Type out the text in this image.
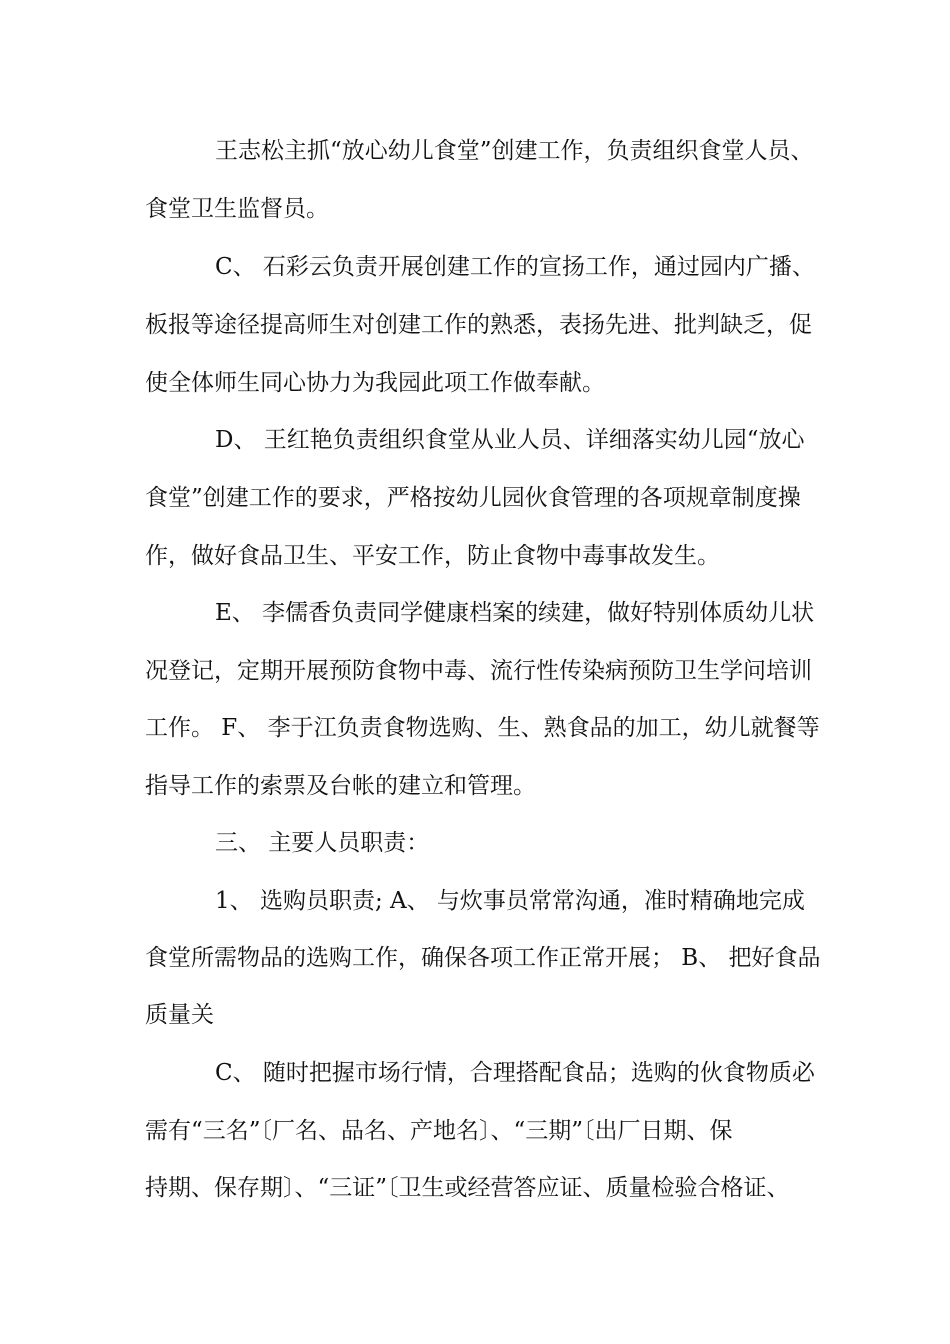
王志松主抓“放心幼儿食堂”创建工作，负责组织食堂人员、
食堂卫生监督员。
C、 石彩云负责开展创建工作的宣扬工作，通过园内广播、
板报等途径提高师生对创建工作的熟悉，表扬先进、批判缺乏，促
使全体师生同心协力为我园此项工作做奉献。
D、 王红艳负责组织食堂从业人员、详细落实幼儿园“放心
食堂”创建工作的要求，严格按幼儿园伙食管理的各项规章制度操
作，做好食品卫生、平安工作，防止食物中毒事故发生。
E、 李儒香负责同学健康档案的续建，做好特别体质幼儿状
况登记，定期开展预防食物中毒、流行性传染病预防卫生学问培训
工作。 F、 李于江负责食物选购、生、熟食品的加工，幼儿就餐等
指导工作的索票及台帐的建立和管理。
三、 主要人员职责：
1、 选购员职责; A、 与炊事员常常沟通，准时精确地完成
食堂所需物品的选购工作，确保各项工作正常开展； B、 把好食品
质量关
C、 随时把握市场行情，合理搭配食品；选购的伙食物质必
需有“三名”〔厂名、品名、产地名〕、“三期”〔出厂日期、保
持期、保存期〕、“三证”〔卫生或经营答应证、质量检验合格证、
